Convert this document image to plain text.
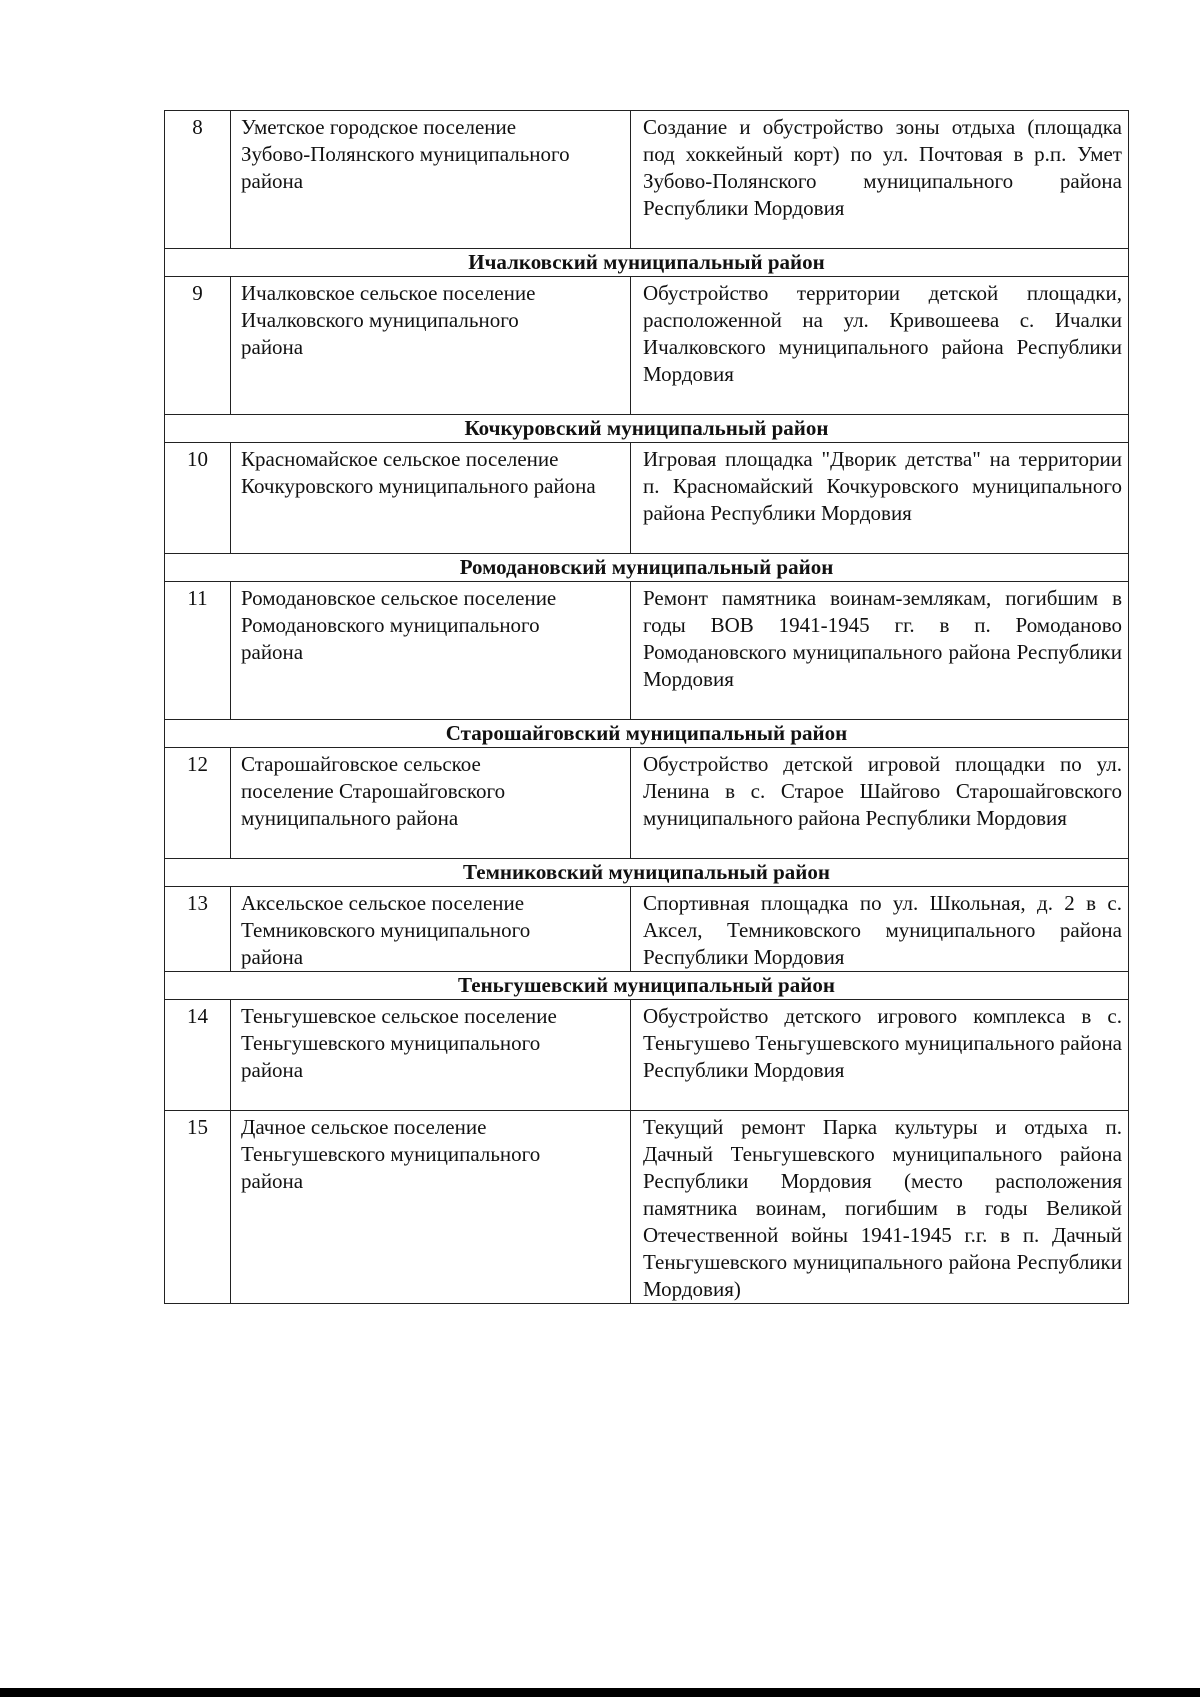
8	Уметское городское поселение Зубово-Полянского муниципального района	Создание и обустройство зоны отдыха (площадка под хоккейный корт) по ул. Почтовая в р.п. Умет Зубово-Полянского муниципального района Республики Мордовия
Ичалковский муниципальный район		
9	Ичалковское сельское поселение Ичалковского муниципального района	Обустройство территории детской площадки, расположенной на ул. Кривошеева с. Ичалки Ичалковского муниципального района Республики Мордовия
Кочкуровский муниципальный район		
10	Красномайское сельское поселение Кочкуровского муниципального района	Игровая площадка "Дворик детства" на территории п. Красномайский Кочкуровского муниципального района Республики Мордовия
Ромодановский муниципальный район		
11	Ромодановское сельское поселение Ромодановского муниципального района	Ремонт памятника воинам-землякам, погибшим в годы ВОВ 1941-1945 гг. в п. Ромоданово Ромодановского муниципального района Республики Мордовия
Старошайговский муниципальный район		
12	Старошайговское сельское поселение Старошайговского муниципального района	Обустройство детской игровой площадки по ул. Ленина в с. Старое Шайгово Старошайговского муниципального района Республики Мордовия
Темниковский муниципальный район		
13	Аксельское сельское поселение Темниковского муниципального района	Спортивная площадка по ул. Школьная, д. 2 в с. Аксел, Темниковского муниципального района Республики Мордовия
Теньгушевский муниципальный район		
14	Теньгушевское сельское поселение Теньгушевского муниципального района	Обустройство детского игрового комплекса в с. Теньгушево Теньгушевского муниципального района Республики Мордовия
15	Дачное сельское поселение Теньгушевского муниципального района	Текущий ремонт Парка культуры и отдыха п. Дачный Теньгушевского муниципального района Республики Мордовия (место расположения памятника воинам, погибшим в годы Великой Отечественной войны 1941-1945 г.г. в п. Дачный Теньгушевского муниципального района Республики Мордовия)
